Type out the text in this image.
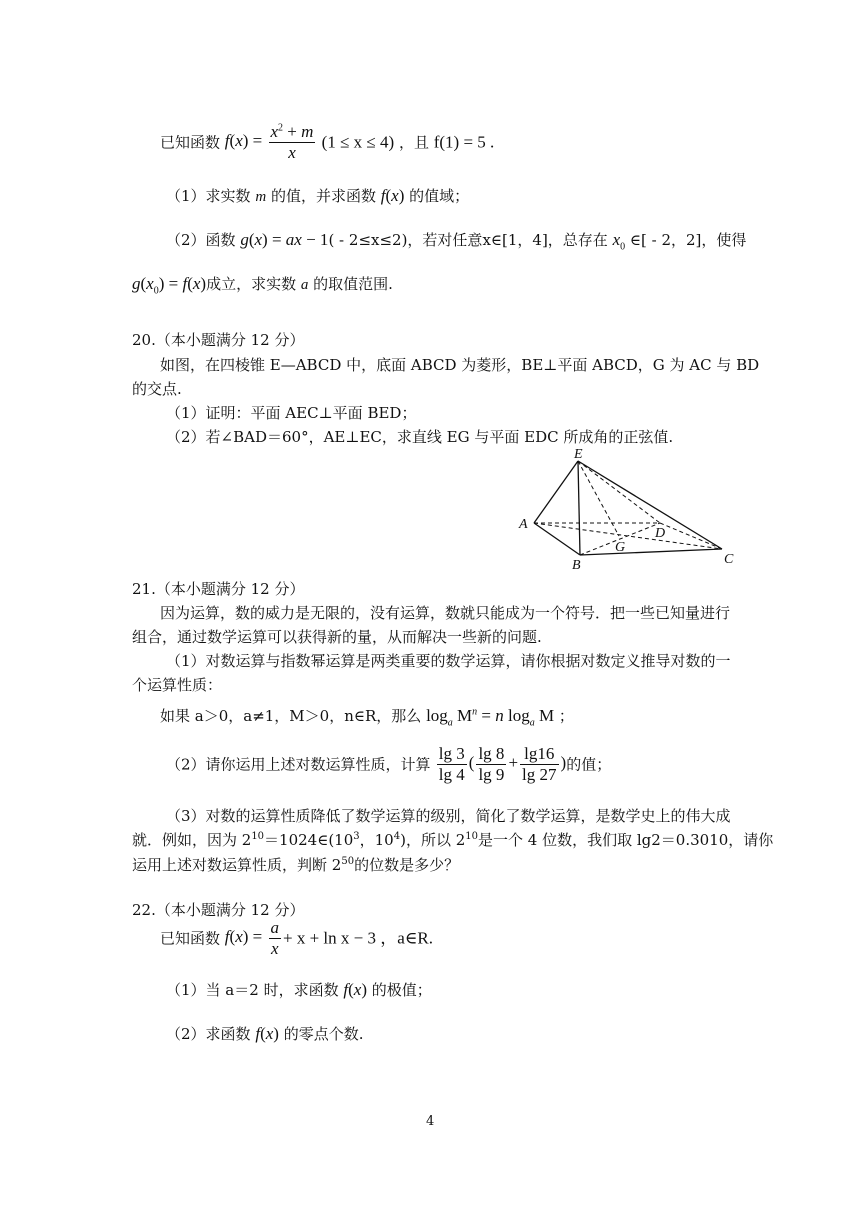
已知函数 $f(x) = \frac{x^2 + m}{x} (1 \le x \le 4)$ ，且 f(1) = 5 .
（1）求实数 m 的值，并求函数 f(x) 的值域；
（2）函数 g(x) = ax − 1( - 2≤x≤2)，若对任意x∈[1，4]，总存在 $x_0$ ∈[ - 2，2]，使得
$g(x_0) = f(x)$成立，求实数 a 的取值范围.
20.（本小题满分 12 分）
如图，在四棱锥 E—ABCD 中，底面 ABCD 为菱形，BE⊥平面 ABCD，G 为 AC 与 BD
的交点.
（1）证明：平面 AEC⊥平面 BED；
（2）若∠BAD＝60°，AE⊥EC，求直线 EG 与平面 EDC 所成角的正弦值.
E
A
B	C
D
G
21.（本小题满分 12 分）
因为运算，数的威力是无限的，没有运算，数就只能成为一个符号．把一些已知量进行
组合，通过数学运算可以获得新的量，从而解决一些新的问题.
（1）对数运算与指数幂运算是两类重要的数学运算，请你根据对数定义推导对数的一
个运算性质：
如果 a＞0，a≠1，M＞0，n∈R，那么 $\log_a M^n = n$ $\log_a M$ ；
（2）请你运用上述对数运算性质，计算 $\frac{\lg 3}{\lg 4}$ ( $\frac{\lg 8}{\lg 9} + \frac{\lg 16}{\lg 27}$ )的值；
（3）对数的运算性质降低了数学运算的级别，简化了数学运算，是数学史上的伟大成
就．例如，因为 $2^{10}=1024\in(10^3$，$10^4$)，所以 $2^{10}$是一个 4 位数，我们取 lg2＝0.3010，请你
运用上述对数运算性质，判断 $2^{50}$的位数是多少？
22.（本小题满分 12 分）
已知函数 $f(x) = \frac{a}{x} + x + \ln x - 3$ ，a∈R.
（1）当 a＝2 时，求函数 f(x) 的极值；
（2）求函数 f(x) 的零点个数.
4
